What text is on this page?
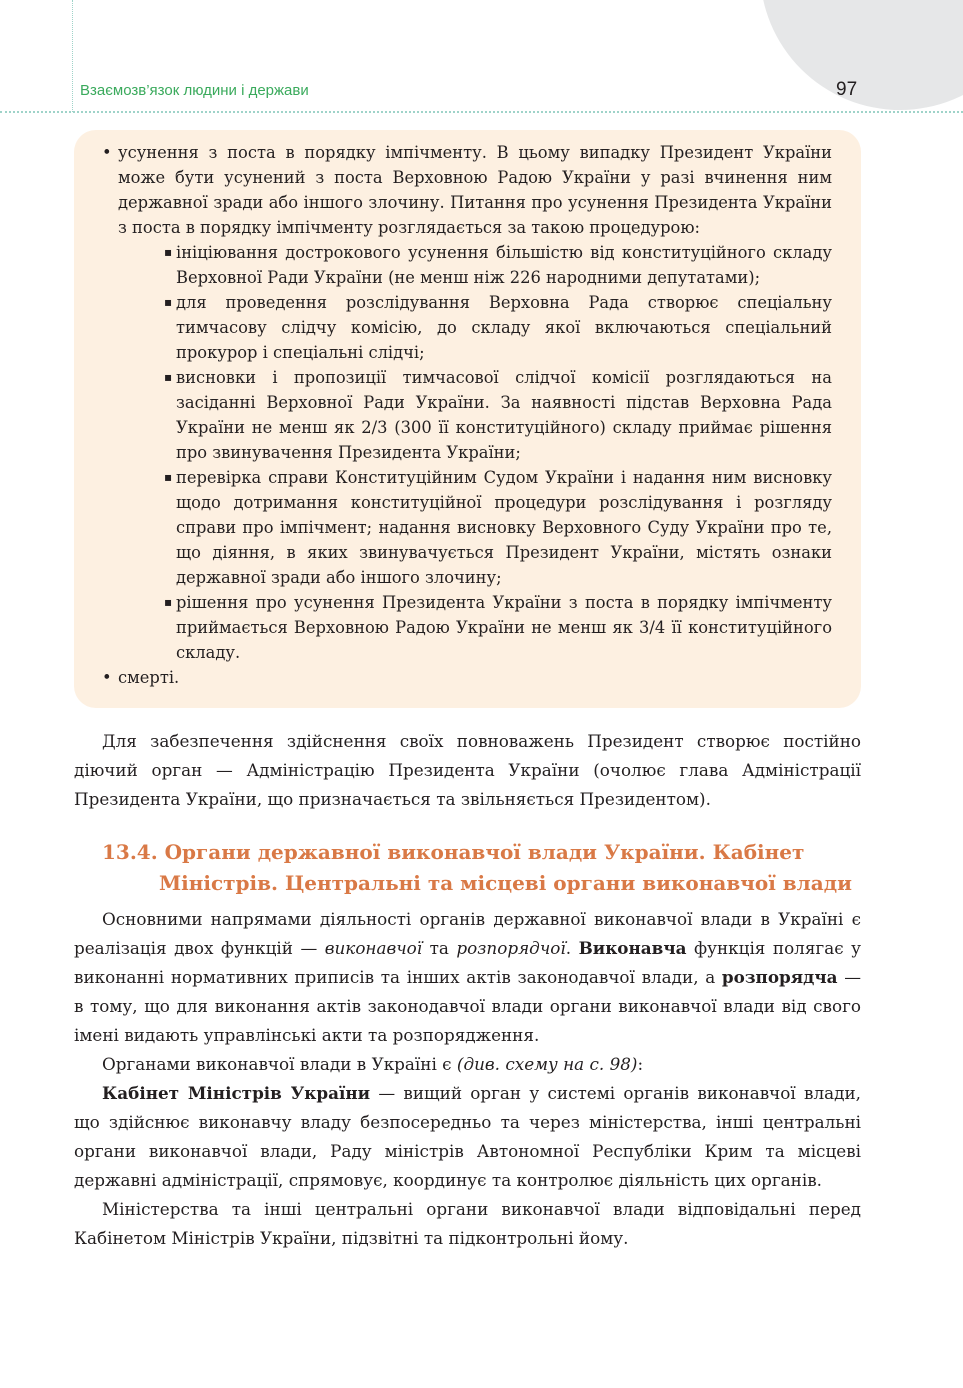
Взаємозв’язок людини і держави	97

• усунення з поста в порядку імпічменту. В цьому випадку Президент України може бути усунений з поста Верховною Радою України у разі вчинення ним державної зради або іншого злочину. Питання про усунення Президента України з поста в порядку імпічменту розглядається за такою процедурою:

▪ ініціювання дострокового усунення більшістю від конституційного складу Верховної Ради України (не менш ніж 226 народними депутатами);

▪ для проведення розслідування Верховна Рада створює спеціальну тимчасову слідчу комісію, до складу якої включаються спеціальний прокурор і спеціальні слідчі;

▪ висновки і пропозиції тимчасової слідчої комісії розглядаються на засіданні Верховної Ради України. За наявності підстав Верховна Рада України не менш як 2/3 (300 її конституційного) складу приймає рішення про звинувачення Президента України;

▪ перевірка справи Конституційним Судом України і надання ним висновку щодо дотримання конституційної процедури розслідування і розгляду справи про імпічмент; надання висновку Верховного Суду України про те, що діяння, в яких звинувачується Президент України, містять ознаки державної зради або іншого злочину;

▪ рішення про усунення Президента України з поста в порядку імпічменту приймається Верховною Радою України не менш як 3/4 її конституційного складу.

• смерті.

Для забезпечення здійснення своїх повноважень Президент створює постійно діючий орган — Адміністрацію Президента України (очолює глава Адміністрації Президента України, що призначається та звільняється Президентом).

13.4. Органи державної виконавчої влади України. Кабінет
Міністрів. Центральні та місцеві органи виконавчої влади

Основними напрямами діяльності органів державної виконавчої влади в Україні є реалізація двох функцій — виконавчої та розпорядчої. Виконавча функція полягає у виконанні нормативних приписів та інших актів законодавчої влади, а розпорядча — в тому, що для виконання актів законодавчої влади органи виконавчої влади від свого імені видають управлінські акти та розпорядження.

Органами виконавчої влади в Україні є (див. схему на с. 98):

Кабінет Міністрів України — вищий орган у системі органів виконавчої влади, що здійснює виконавчу владу безпосередньо та через міністерства, інші центральні органи виконавчої влади, Раду міністрів Автономної Республіки Крим та місцеві державні адміністрації, спрямовує, координує та контролює діяльність цих органів.

Міністерства та інші центральні органи виконавчої влади відповідальні перед Кабінетом Міністрів України, підзвітні та підконтрольні йому.
